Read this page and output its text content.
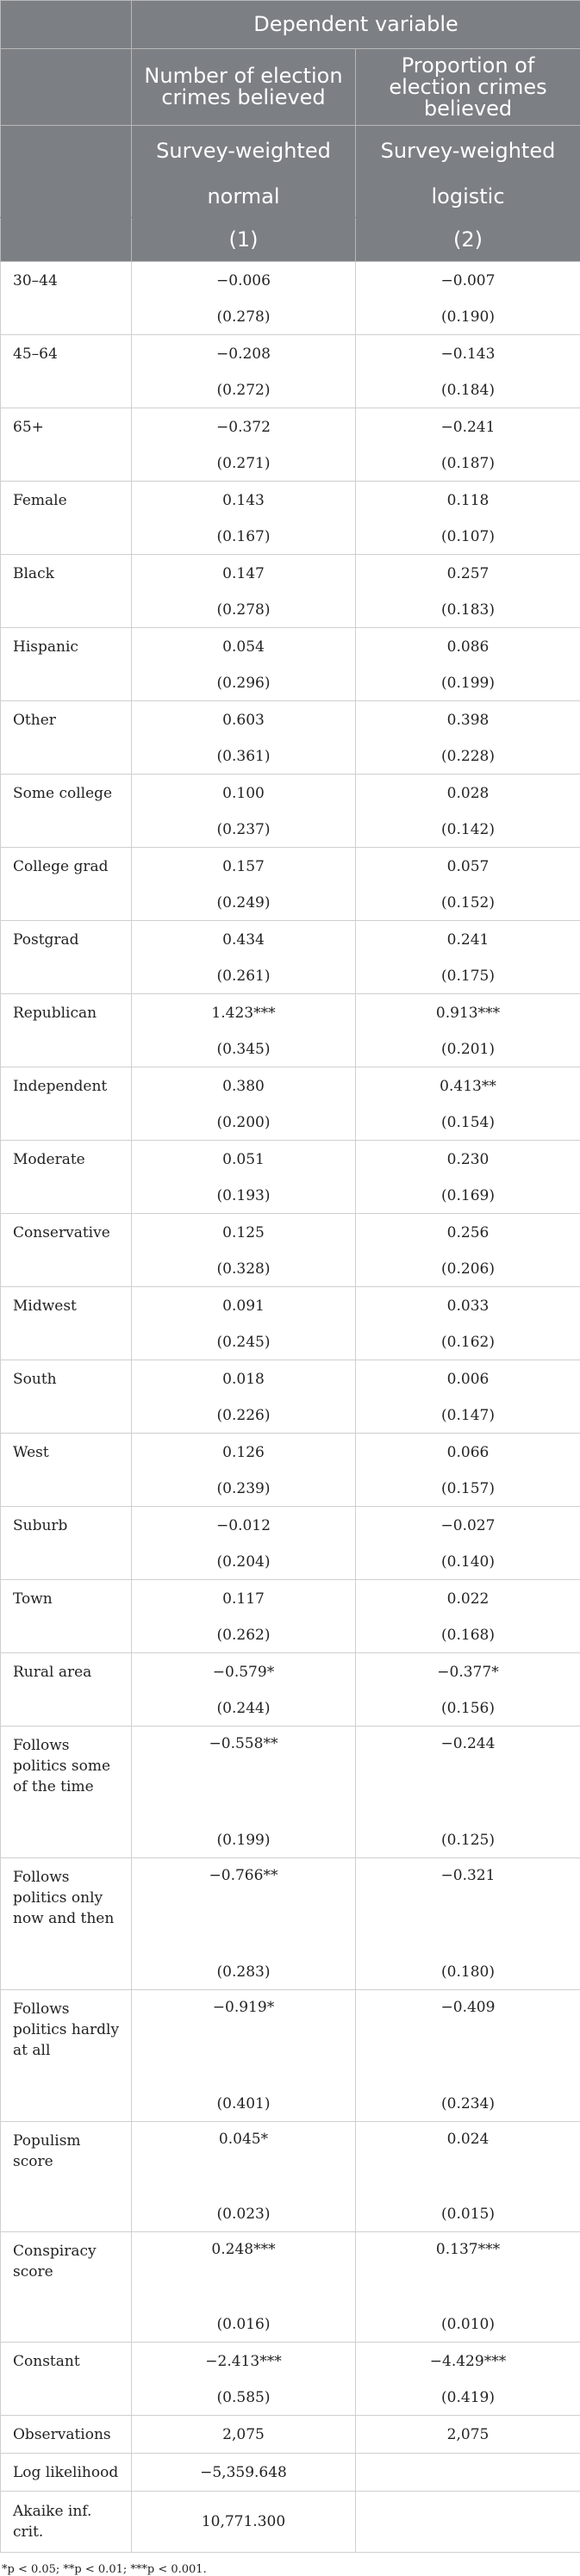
	Dependent variable	
	Number of election crimes believed	Proportion of election crimes believed
	Survey-weighted	Survey-weighted
	normal	logistic
	(1)	(2)
30–44	−0.006	−0.007
	(0.278)	(0.190)
45–64	−0.208	−0.143
	(0.272)	(0.184)
65+	−0.372	−0.241
	(0.271)	(0.187)
Female	0.143	0.118
	(0.167)	(0.107)
Black	0.147	0.257
	(0.278)	(0.183)
Hispanic	0.054	0.086
	(0.296)	(0.199)
Other	0.603	0.398
	(0.361)	(0.228)
Some college	0.100	0.028
	(0.237)	(0.142)
College grad	0.157	0.057
	(0.249)	(0.152)
Postgrad	0.434	0.241
	(0.261)	(0.175)
Republican	1.423***	0.913***
	(0.345)	(0.201)
Independent	0.380	0.413**
	(0.200)	(0.154)
Moderate	0.051	0.230
	(0.193)	(0.169)
Conservative	0.125	0.256
	(0.328)	(0.206)
Midwest	0.091	0.033
	(0.245)	(0.162)
South	0.018	0.006
	(0.226)	(0.147)
West	0.126	0.066
	(0.239)	(0.157)
Suburb	−0.012	−0.027
	(0.204)	(0.140)
Town	0.117	0.022
	(0.262)	(0.168)
Rural area	−0.579*	−0.377*
	(0.244)	(0.156)
Follows politics some of the time	−0.558**	−0.244
	(0.199)	(0.125)
Follows politics only now and then	−0.766**	−0.321
	(0.283)	(0.180)
Follows politics hardly at all	−0.919*	−0.409
	(0.401)	(0.234)
Populism score	0.045*	0.024
	(0.023)	(0.015)
Conspiracy score	0.248***	0.137***
	(0.016)	(0.010)
Constant	−2.413***	−4.429***
	(0.585)	(0.419)
Observations	2,075	2,075
Log likelihood	−5,359.648	
Akaike inf. crit.	10,771.300	
*p < 0.05; **p < 0.01; ***p < 0.001.
